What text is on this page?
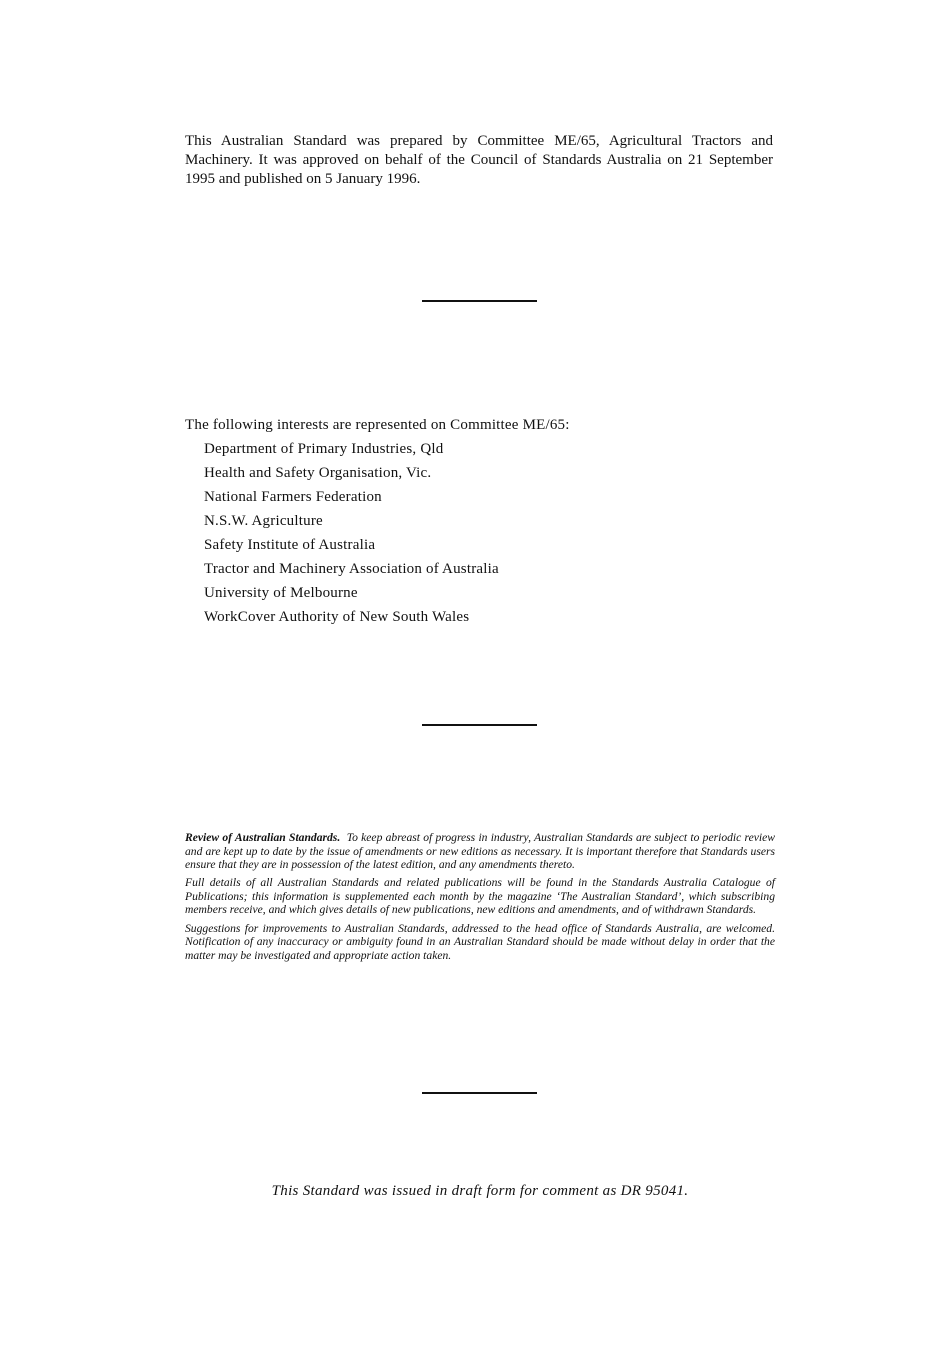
This Australian Standard was prepared by Committee ME/65, Agricultural Tractors and Machinery. It was approved on behalf of the Council of Standards Australia on 21 September 1995 and published on 5 January 1996.

The following interests are represented on Committee ME/65:

Department of Primary Industries, Qld
Health and Safety Organisation, Vic.
National Farmers Federation
N.S.W. Agriculture
Safety Institute of Australia
Tractor and Machinery Association of Australia
University of Melbourne
WorkCover Authority of New South Wales

Review of Australian Standards. To keep abreast of progress in industry, Australian Standards are subject to periodic review and are kept up to date by the issue of amendments or new editions as necessary. It is important therefore that Standards users ensure that they are in possession of the latest edition, and any amendments thereto.

Full details of all Australian Standards and related publications will be found in the Standards Australia Catalogue of Publications; this information is supplemented each month by the magazine ‘The Australian Standard’, which subscribing members receive, and which gives details of new publications, new editions and amendments, and of withdrawn Standards.

Suggestions for improvements to Australian Standards, addressed to the head office of Standards Australia, are welcomed. Notification of any inaccuracy or ambiguity found in an Australian Standard should be made without delay in order that the matter may be investigated and appropriate action taken.

This Standard was issued in draft form for comment as DR 95041.
